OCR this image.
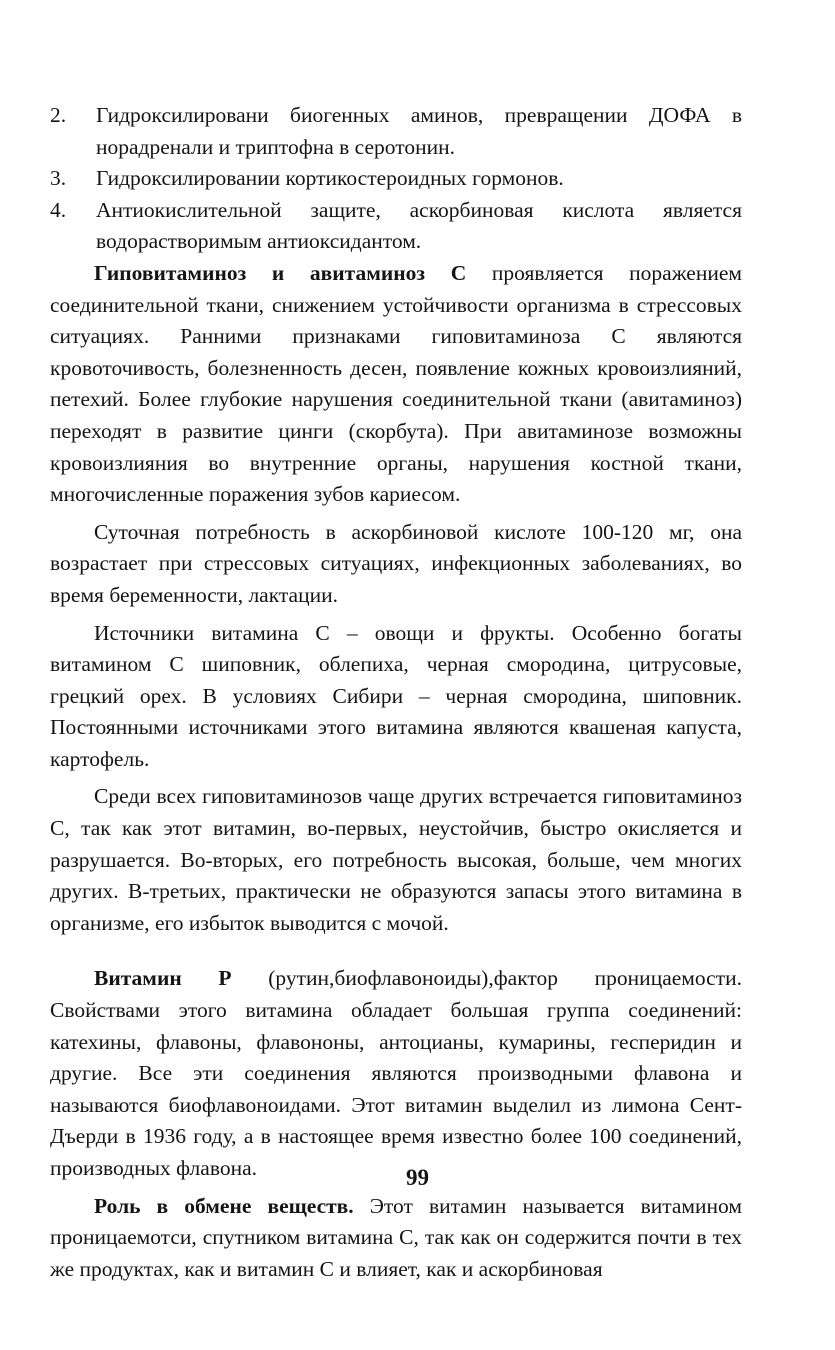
2. Гидроксилировани биогенных аминов, превращении ДОФА в норадренали и триптофна в серотонин.
3. Гидроксилировании кортикостероидных гормонов.
4. Антиокислительной защите, аскорбиновая кислота является водорастворимым антиоксидантом.

Гиповитаминоз и авитаминоз С проявляется поражением соединительной ткани, снижением устойчивости организма в стрессовых ситуациях. Ранними признаками гиповитаминоза С являются кровоточивость, болезненность десен, появление кожных кровоизлияний, петехий. Более глубокие нарушения соединительной ткани (авитаминоз) переходят в развитие цинги (скорбута). При авитаминозе возможны кровоизлияния во внутренние органы, нарушения костной ткани, многочисленные поражения зубов кариесом.

Суточная потребность в аскорбиновой кислоте 100-120 мг, она возрастает при стрессовых ситуациях, инфекционных заболеваниях, во время беременности, лактации.

Источники витамина С – овощи и фрукты. Особенно богаты витамином С шиповник, облепиха, черная смородина, цитрусовые, грецкий орех. В условиях Сибири – черная смородина, шиповник. Постоянными источниками этого витамина являются квашеная капуста, картофель.

Среди всех гиповитаминозов чаще других встречается гиповитаминоз С, так как этот витамин, во-первых, неустойчив, быстро окисляется и разрушается. Во-вторых, его потребность высокая, больше, чем многих других. В-третьих, практически не образуются запасы этого витамина в организме, его избыток выводится с мочой.

Витамин Р (рутин,биофлавоноиды),фактор проницаемости. Свойствами этого витамина обладает большая группа соединений: катехины, флавоны, флавононы, антоцианы, кумарины, гесперидин и другие. Все эти соединения являются производными флавона и называются биофлавоноидами. Этот витамин выделил из лимона Сент-Дъерди в 1936 году, а в настоящее время известно более 100 соединений, производных флавона.

Роль в обмене веществ. Этот витамин называется витамином проницаемотси, спутником витамина С, так как он содержится почти в тех же продуктах, как и витамин С и влияет, как и аскорбиновая

99
